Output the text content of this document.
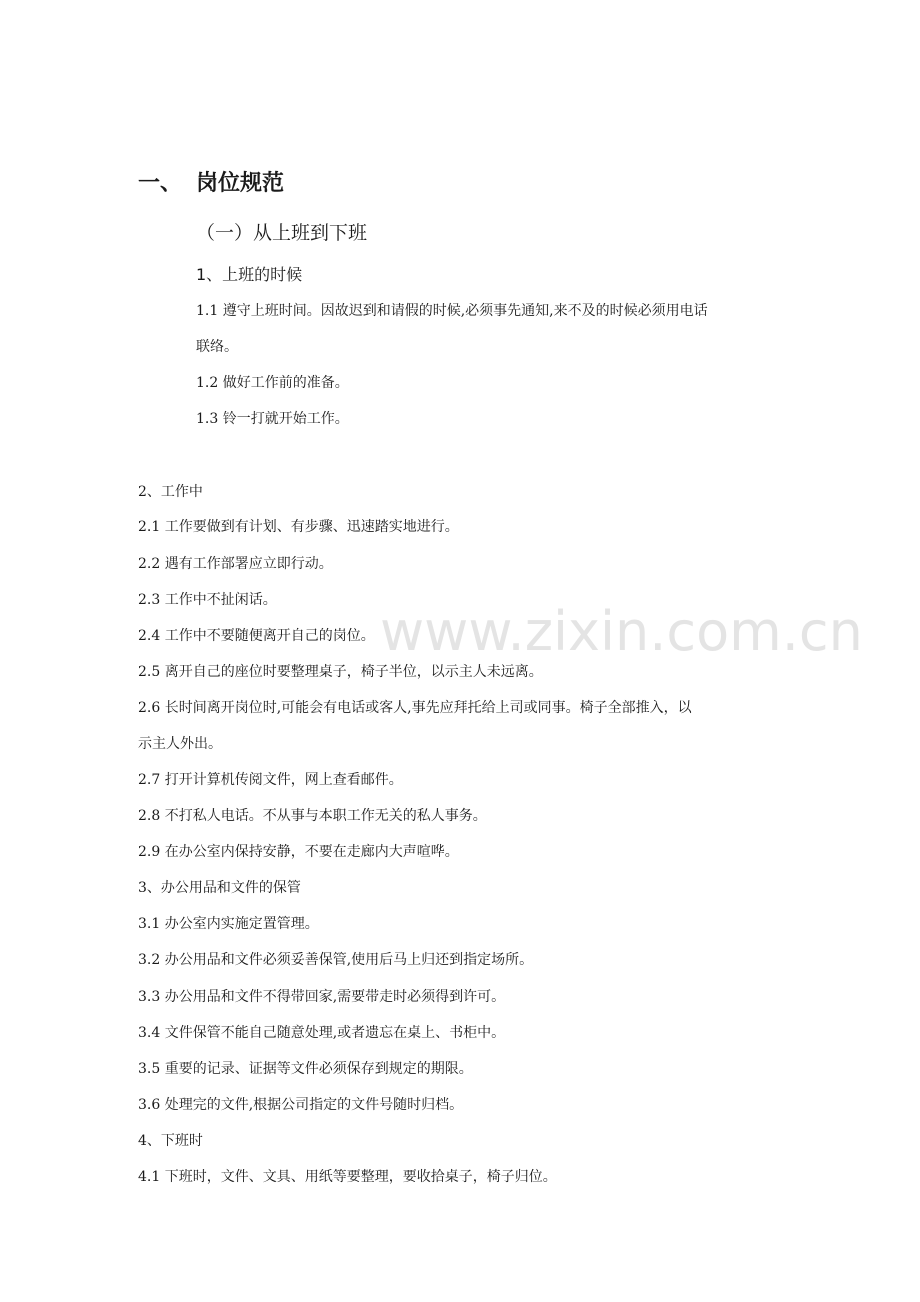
www.zixin.com.cn
一、 岗位规范
（一）从上班到下班
1、上班的时候
1.1 遵守上班时间。因故迟到和请假的时候,必须事先通知,来不及的时候必须用电话
联络。
1.2 做好工作前的准备。
1.3 铃一打就开始工作。
2、工作中
2.1 工作要做到有计划、有步骤、迅速踏实地进行。
2.2 遇有工作部署应立即行动。
2.3 工作中不扯闲话。
2.4 工作中不要随便离开自己的岗位。
2.5 离开自己的座位时要整理桌子，椅子半位，以示主人未远离。
2.6 长时间离开岗位时,可能会有电话或客人,事先应拜托给上司或同事。椅子全部推入，以
示主人外出。
2.7 打开计算机传阅文件，网上查看邮件。
2.8 不打私人电话。不从事与本职工作无关的私人事务。
2.9 在办公室内保持安静，不要在走廊内大声喧哗。
3、办公用品和文件的保管
3.1 办公室内实施定置管理。
3.2 办公用品和文件必须妥善保管,使用后马上归还到指定场所。
3.3 办公用品和文件不得带回家,需要带走时必须得到许可。
3.4 文件保管不能自己随意处理,或者遗忘在桌上、书柜中。
3.5 重要的记录、证据等文件必须保存到规定的期限。
3.6 处理完的文件,根据公司指定的文件号随时归档。
4、下班时
4.1 下班时，文件、文具、用纸等要整理，要收拾桌子，椅子归位。
